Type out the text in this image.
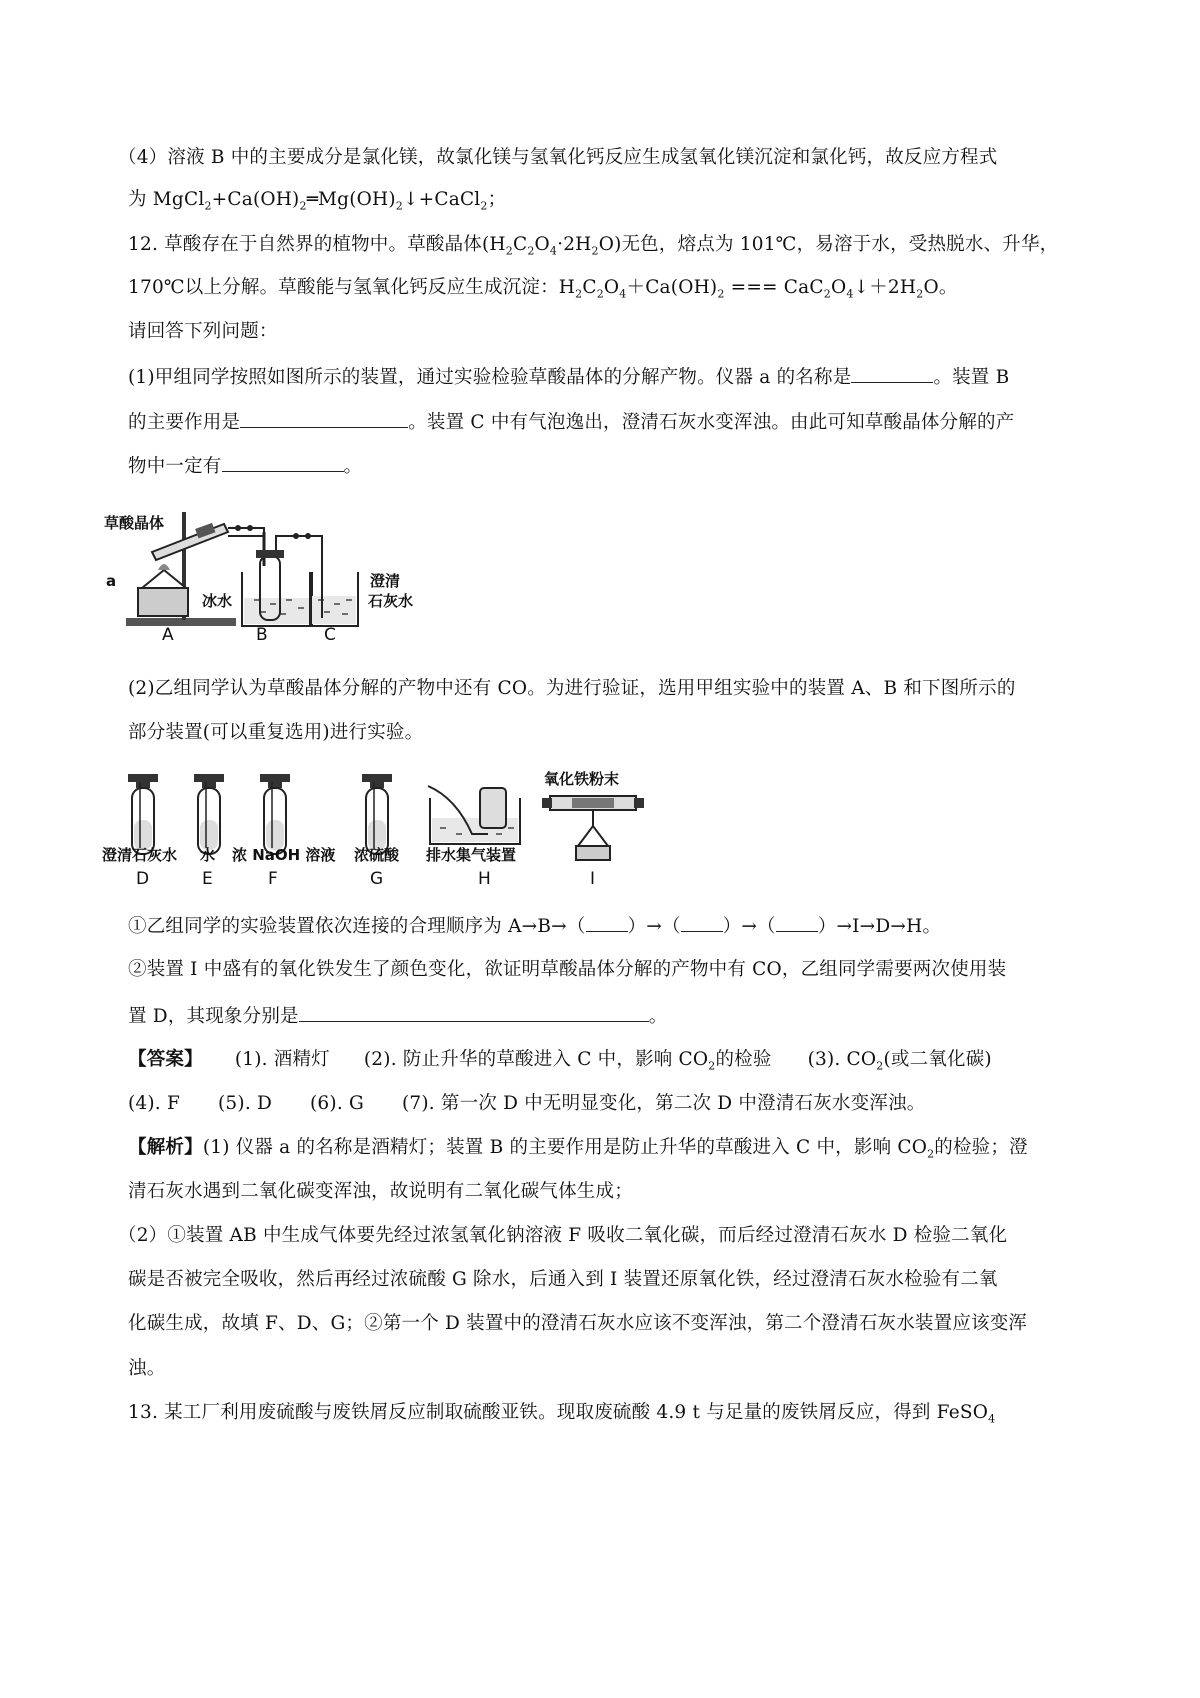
（4）溶液 B 中的主要成分是氯化镁，故氯化镁与氢氧化钙反应生成氢氧化镁沉淀和氯化钙，故反应方程式
为 $MgCl_2+Ca(OH)_2═Mg(OH)_2↓+CaCl_2$；
12. 草酸存在于自然界的植物中。草酸晶体$(H_2C_2O_4\cdot 2H_2O)$无色，熔点为 101℃，易溶于水，受热脱水、升华，
170℃以上分解。草酸能与氢氧化钙反应生成沉淀：$H_2C_2O_4+Ca(OH)_2$ === $CaC_2O_4↓+2H_2O$。
请回答下列问题：
(1)甲组同学按照如图所示的装置，通过实验检验草酸晶体的分解产物。仪器 a 的名称是	。装置 B
的主要作用是	。装置 C 中有气泡逸出，澄清石灰水变浑浊。由此可知草酸晶体分解的产
物中一定有	。
草酸晶体
a
冰水
澄清
石灰水
A	B	C
(2)乙组同学认为草酸晶体分解的产物中还有 CO。为进行验证，选用甲组实验中的装置 A、B 和下图所示的
部分装置(可以重复选用)进行实验。
氧化铁粉末
澄清石灰水 水 浓 NaOH 溶液 浓硫酸 排水集气装置
D	E	F	G	H	I
①乙组同学的实验装置依次连接的合理顺序为 A→B→（ ）→（ ）→（ ）→I→D→H。
②装置 I 中盛有的氧化铁发生了颜色变化，欲证明草酸晶体分解的产物中有 CO，乙组同学需要两次使用装
置 D，其现象分别是	。
【答案】 (1). 酒精灯 (2). 防止升华的草酸进入 C 中，影响 $CO_2$的检验 (3). $CO_2$(或二氧化碳)
(4). F (5). D (6). G (7). 第一次 D 中无明显变化，第二次 D 中澄清石灰水变浑浊。
【解析】(1) 仪器 a 的名称是酒精灯；装置 B 的主要作用是防止升华的草酸进入 C 中，影响 $CO_2$的检验；澄
清石灰水遇到二氧化碳变浑浊，故说明有二氧化碳气体生成；
（2）①装置 AB 中生成气体要先经过浓氢氧化钠溶液 F 吸收二氧化碳，而后经过澄清石灰水 D 检验二氧化
碳是否被完全吸收，然后再经过浓硫酸 G 除水，后通入到 I 装置还原氧化铁，经过澄清石灰水检验有二氧
化碳生成，故填 F、D、G；②第一个 D 装置中的澄清石灰水应该不变浑浊，第二个澄清石灰水装置应该变浑
浊。
13. 某工厂利用废硫酸与废铁屑反应制取硫酸亚铁。现取废硫酸 4.9 t 与足量的废铁屑反应，得到 FeSO$_4$
